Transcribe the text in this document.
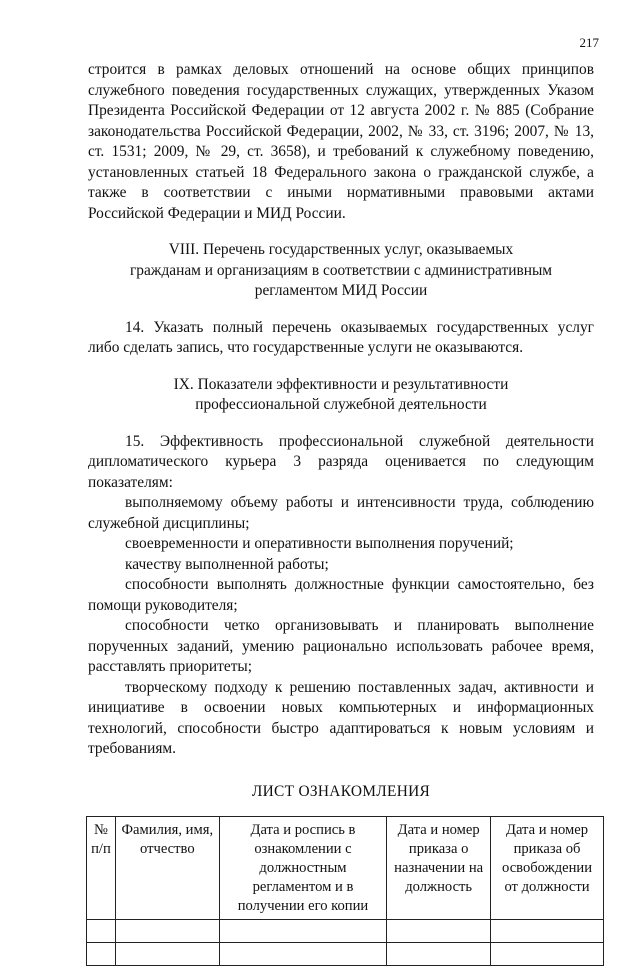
217

строится в рамках деловых отношений на основе общих принципов служебного поведения государственных служащих, утвержденных Указом Президента Российской Федерации от 12 августа 2002 г. № 885 (Собрание законодательства Российской Федерации, 2002, № 33, ст. 3196; 2007, № 13, ст. 1531; 2009, № 29, ст. 3658), и требований к служебному поведению, установленных статьей 18 Федерального закона о гражданской службе, а также в соответствии с иными нормативными правовыми актами Российской Федерации и МИД России.

VIII. Перечень государственных услуг, оказываемых
гражданам и организациям в соответствии с административным
регламентом МИД России

14. Указать полный перечень оказываемых государственных услуг либо сделать запись, что государственные услуги не оказываются.

IX. Показатели эффективности и результативности
профессиональной служебной деятельности

15. Эффективность профессиональной служебной деятельности

дипломатического курьера 3 разряда оценивается по следующим показателям:

выполняемому объему работы и интенсивности труда, соблюдению служебной дисциплины;

своевременности и оперативности выполнения поручений;

качеству выполненной работы;

способности выполнять должностные функции самостоятельно, без помощи руководителя;

способности четко организовывать и планировать выполнение порученных заданий, умению рационально использовать рабочее время, расставлять приоритеты;

творческому подходу к решению поставленных задач, активности и инициативе в освоении новых компьютерных и информационных технологий, способности быстро адаптироваться к новым условиям и требованиям.

ЛИСТ ОЗНАКОМЛЕНИЯ
№ п/п	Фамилия, имя, отчество	Дата и роспись в ознакомлении с должностным регламентом и в получении его копии	Дата и номер приказа о назначении на должность	Дата и номер приказа об освобождении от должности
